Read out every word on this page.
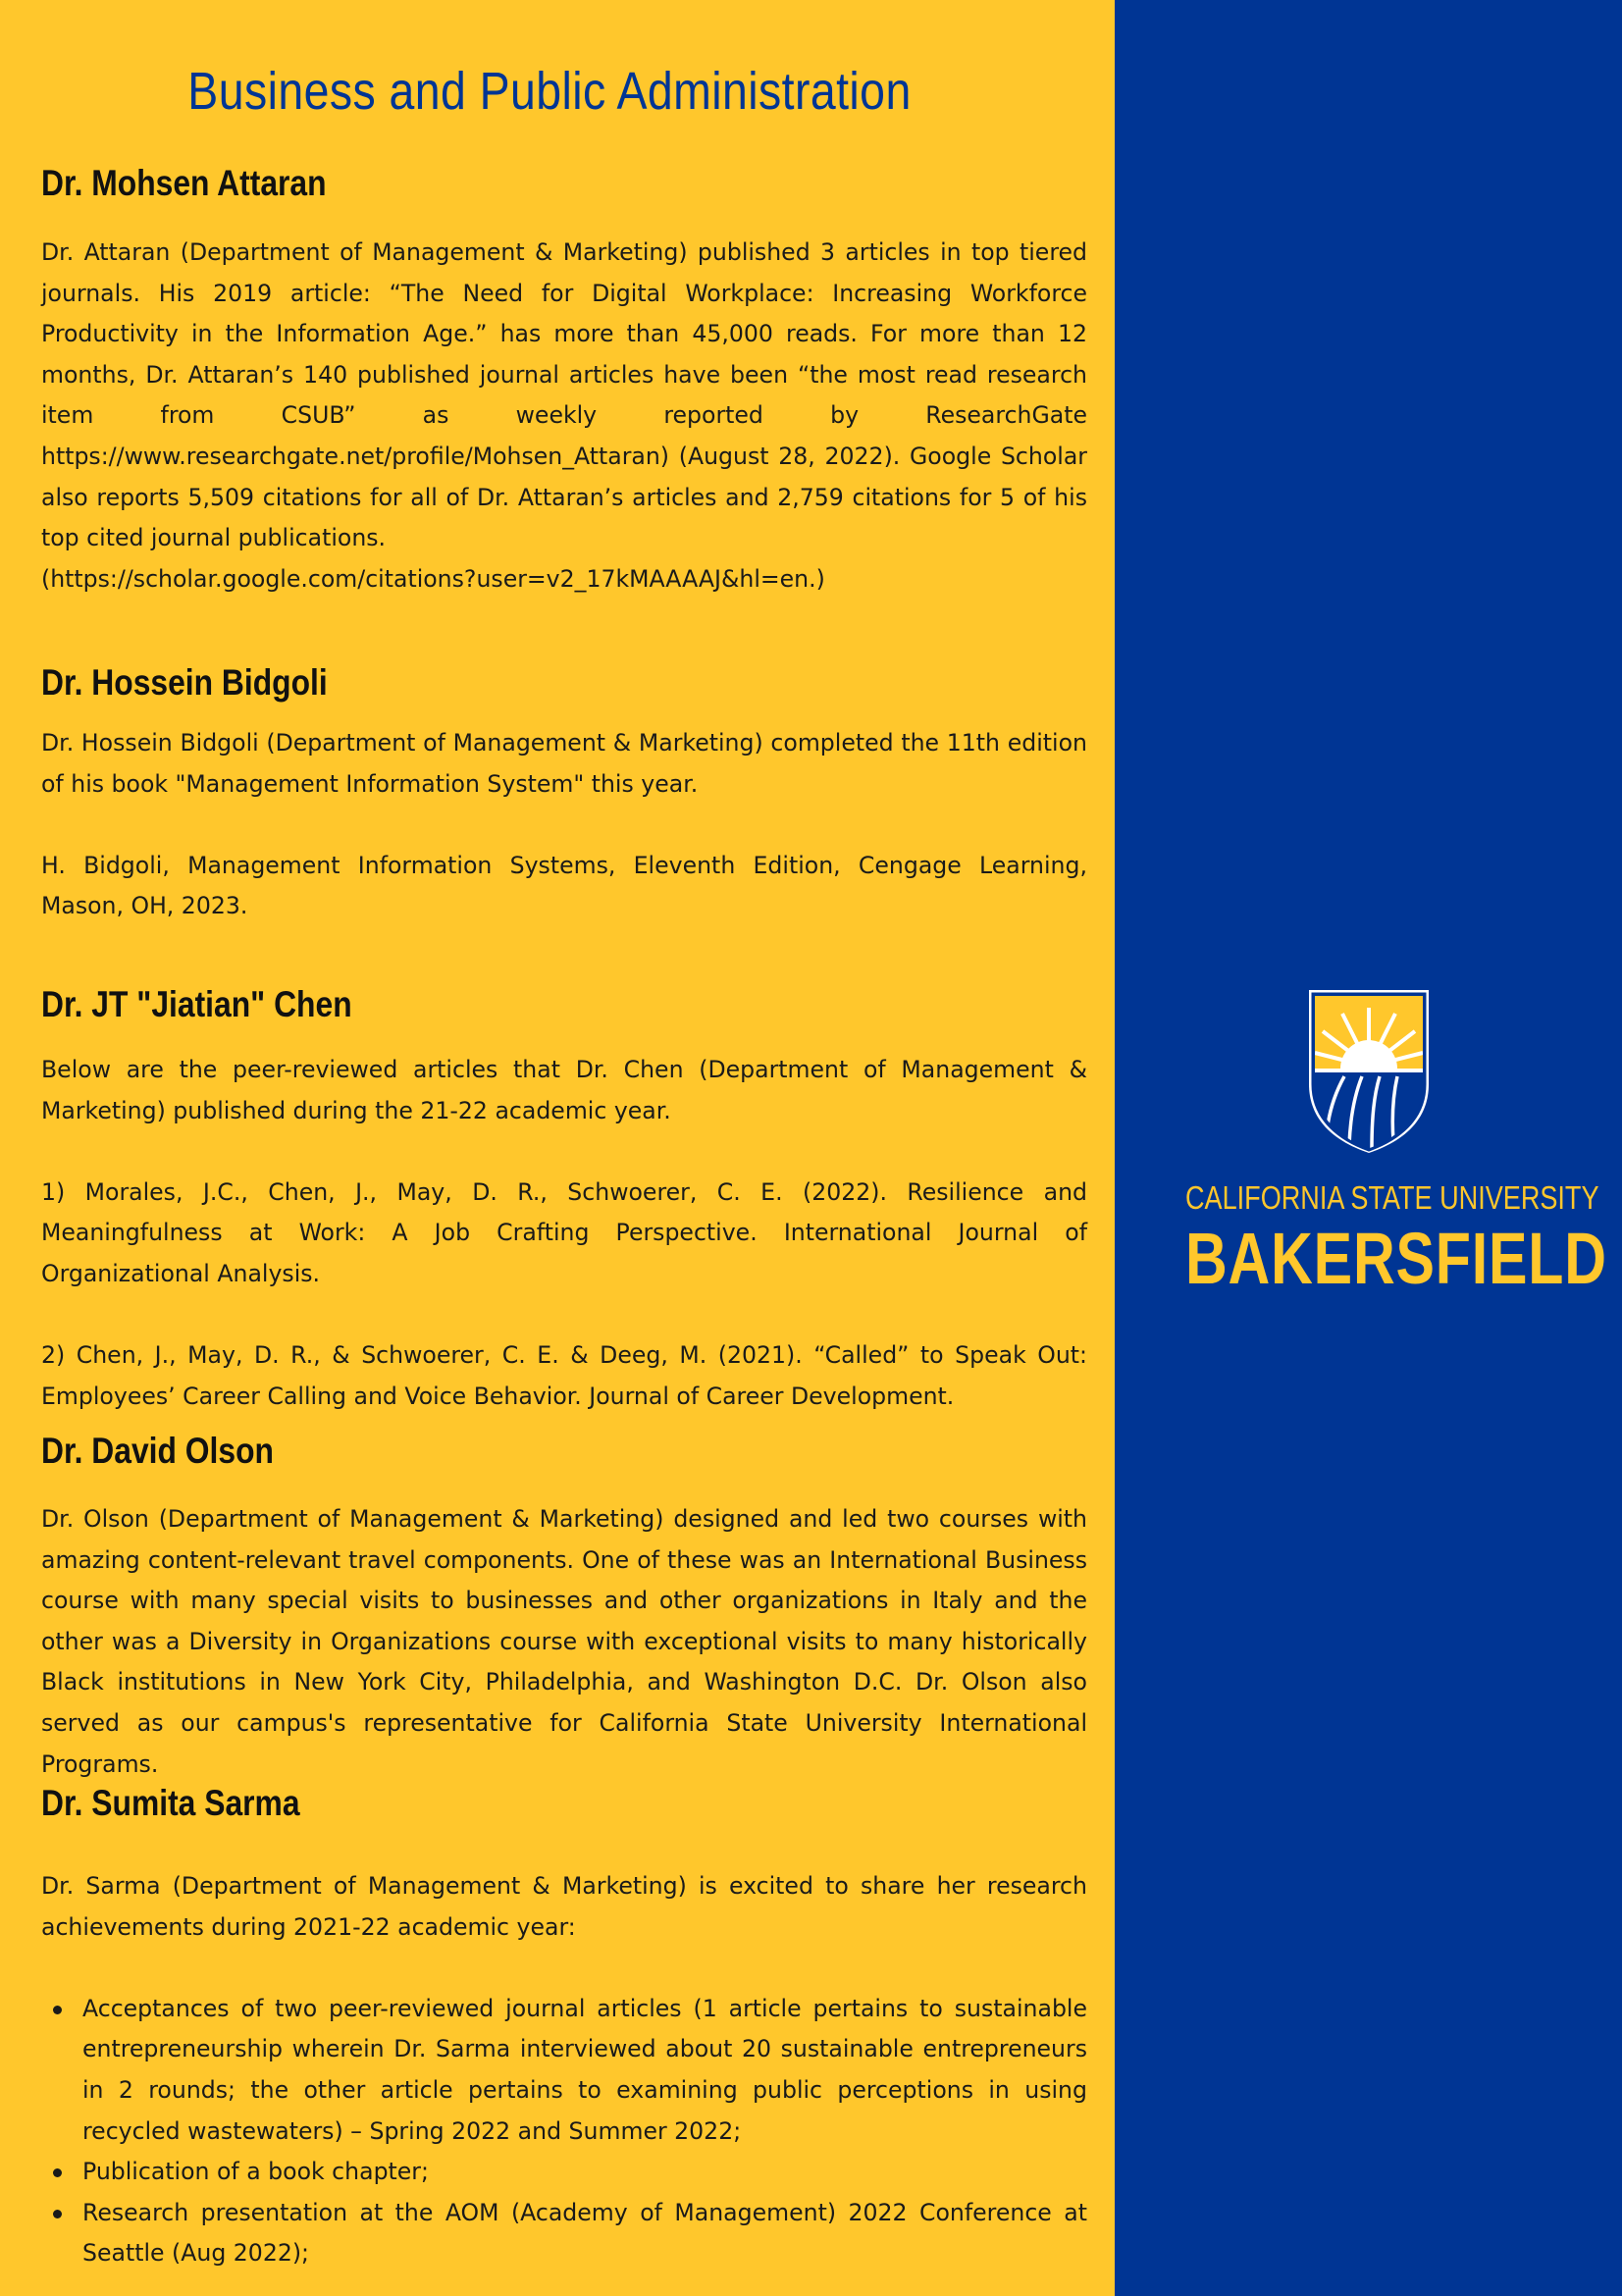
Business and Public Administration
Dr. Mohsen Attaran

Dr. Attaran (Department of Management & Marketing) published 3 articles in top tiered journals. His 2019 article: “The Need for Digital Workplace: Increasing Workforce Productivity in the Information Age.” has more than 45,000 reads. For more than 12 months, Dr. Attaran’s 140 published journal articles have been “the most read research item from CSUB” as weekly reported by ResearchGate https://www.researchgate.net/profile/Mohsen_Attaran) (August 28, 2022). Google Scholar also reports 5,509 citations for all of Dr. Attaran’s articles and 2,759 citations for 5 of his top cited journal publications.

(https://scholar.google.com/citations?user=v2_17kMAAAAJ&hl=en.)
Dr. Hossein Bidgoli

Dr. Hossein Bidgoli (Department of Management & Marketing) completed the 11th edition of his book "Management Information System" this year.

H. Bidgoli, Management Information Systems, Eleventh Edition, Cengage Learning, Mason, OH, 2023.

Dr. JT "Jiatian" Chen

Below are the peer-reviewed articles that Dr. Chen (Department of Management & Marketing) published during the 21-22 academic year.

1) Morales, J.C., Chen, J., May, D. R., Schwoerer, C. E. (2022). Resilience and Meaningfulness at Work: A Job Crafting Perspective. International Journal of Organizational Analysis.

2) Chen, J., May, D. R., & Schwoerer, C. E. & Deeg, M. (2021). “Called” to Speak Out: Employees’ Career Calling and Voice Behavior. Journal of Career Development.

Dr. David Olson

Dr. Olson (Department of Management & Marketing) designed and led two courses with amazing content-relevant travel components. One of these was an International Business course with many special visits to businesses and other organizations in Italy and the other was a Diversity in Organizations course with exceptional visits to many historically Black institutions in New York City, Philadelphia, and Washington D.C. Dr. Olson also served as our campus's representative for California State University International Programs.

Dr. Sumita Sarma

Dr. Sarma (Department of Management & Marketing) is excited to share her research achievements during 2021-22 academic year:

Acceptances of two peer-reviewed journal articles (1 article pertains to sustainable entrepreneurship wherein Dr. Sarma interviewed about 20 sustainable entrepreneurs in 2 rounds; the other article pertains to examining public perceptions in using recycled wastewaters) – Spring 2022 and Summer 2022;
Publication of a book chapter;
Research presentation at the AOM (Academy of Management) 2022 Conference at Seattle (Aug 2022);
CALIFORNIA STATE UNIVERSITY
BAKERSFIELD
